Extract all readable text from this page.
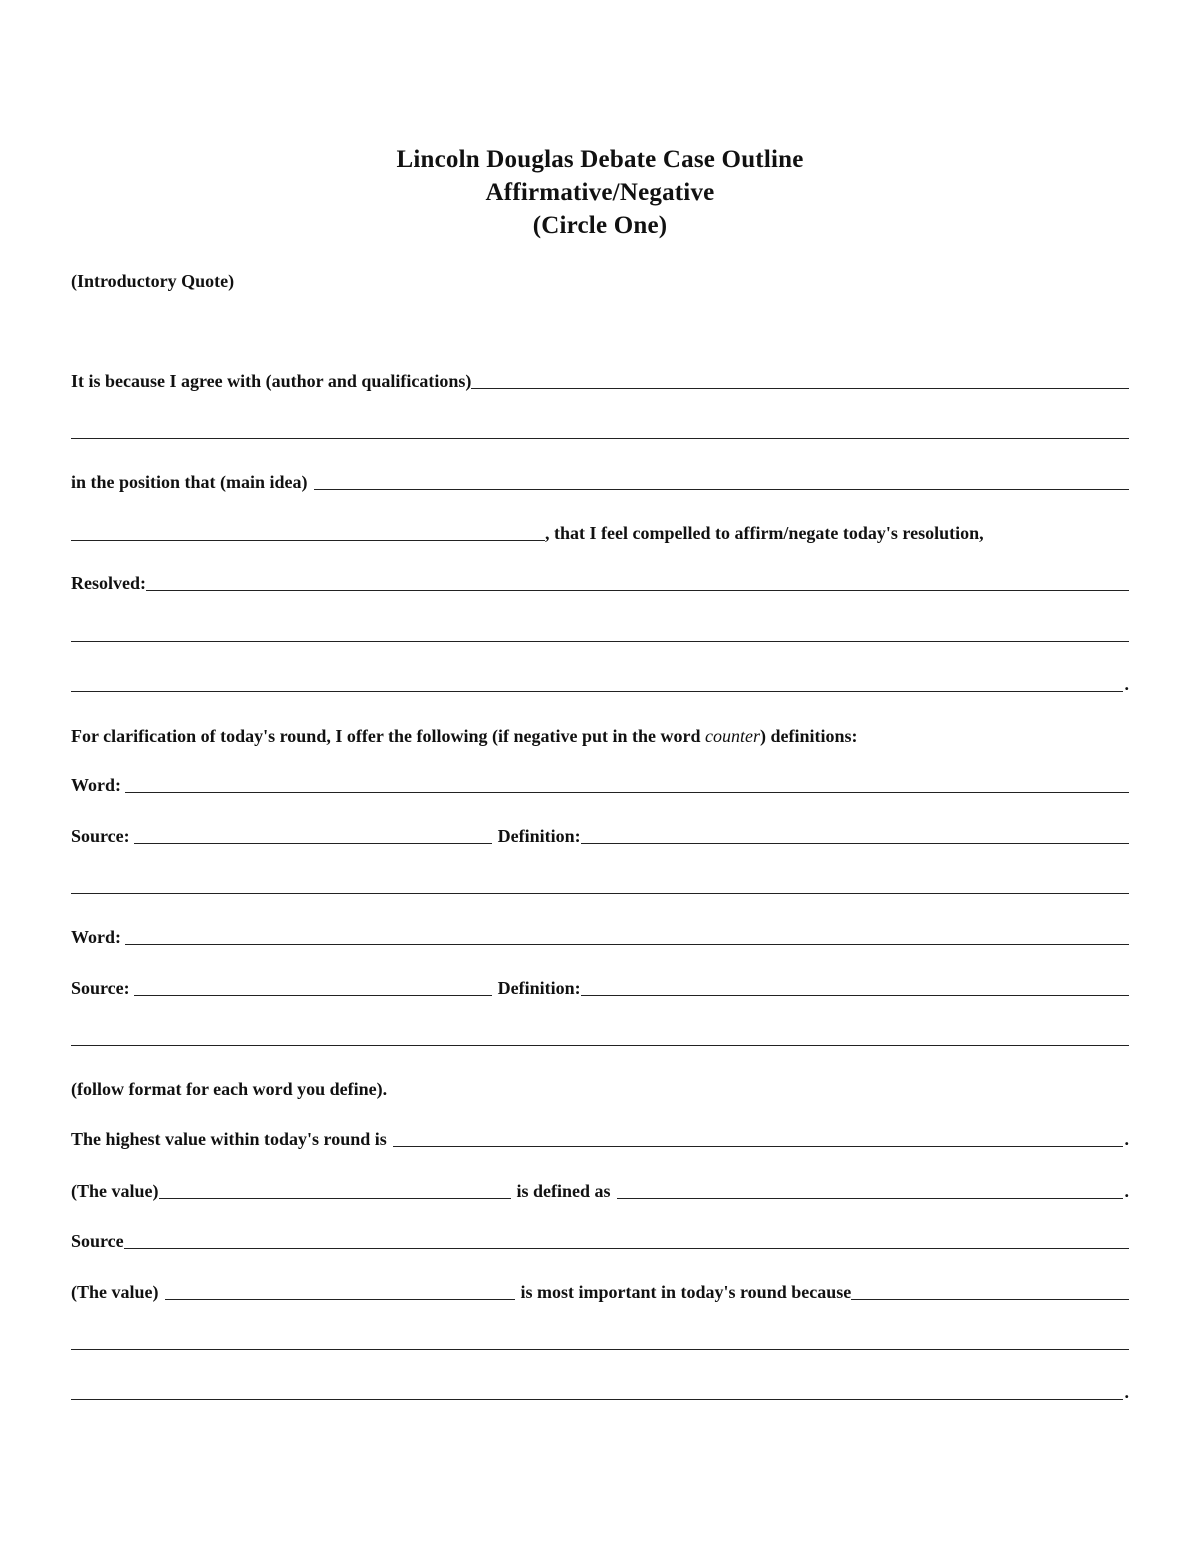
Lincoln Douglas Debate Case Outline
Affirmative/Negative
(Circle One)
(Introductory Quote)
It is because I agree with (author and qualifications)
in the position that (main idea)
, that I feel compelled to affirm/negate today's resolution,
Resolved:
.
For clarification of today's round, I offer the following (if negative put in the word counter) definitions:
Word:
Source:	Definition:
Word:
Source:	Definition:
(follow format for each word you define).
The highest value within today's round is	.
(The value)	is defined as	.
Source
(The value)	is most important in today's round because
.
